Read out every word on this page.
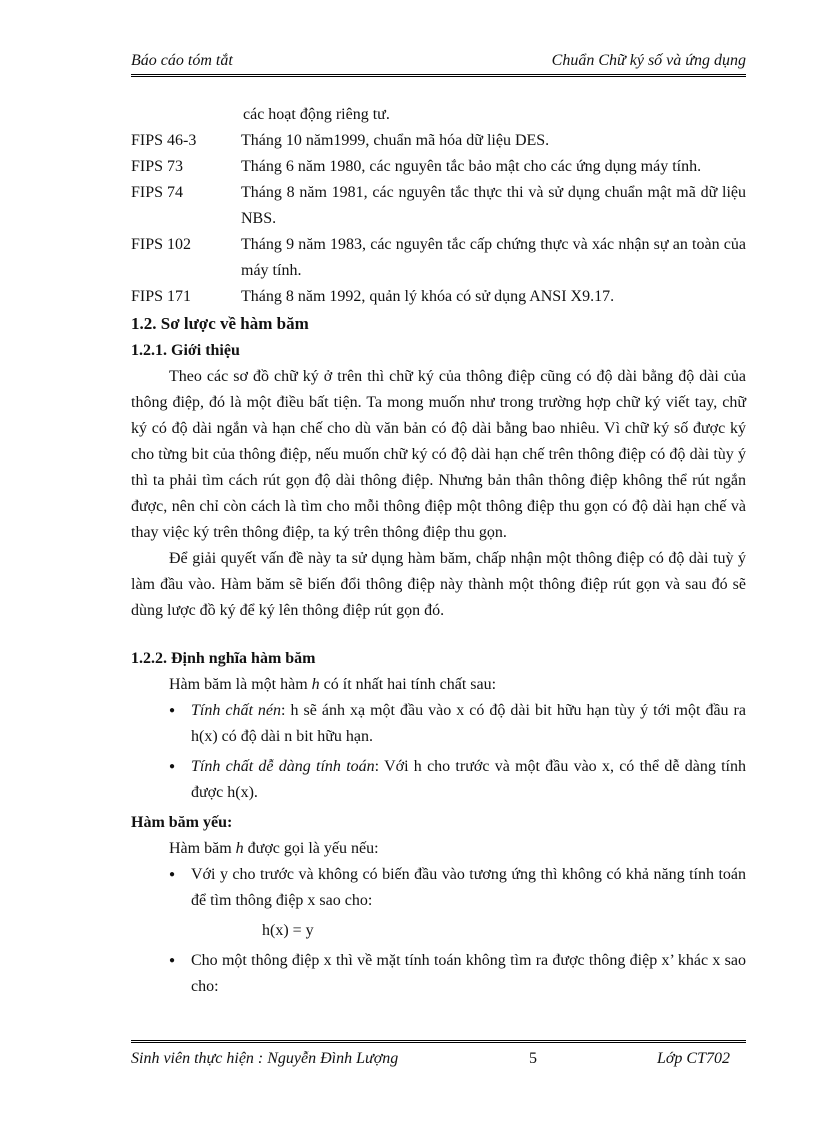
Báo cáo tóm tắt	Chuẩn Chữ ký số và ứng dụng

các hoạt động riêng tư.

FIPS 46-3	Tháng 10 năm1999, chuẩn mã hóa dữ liệu DES.
FIPS 73	Tháng 6 năm 1980, các nguyên tắc bảo mật cho các ứng dụng máy tính.
FIPS 74	Tháng 8 năm 1981, các nguyên tắc thực thi và sử dụng chuẩn mật mã dữ liệu NBS.
FIPS 102	Tháng 9 năm 1983, các nguyên tắc cấp chứng thực và xác nhận sự an toàn của máy tính.
FIPS 171	Tháng 8 năm 1992, quản lý khóa có sử dụng ANSI X9.17.
1.2. Sơ lược về hàm băm
1.2.1. Giới thiệu

Theo các sơ đồ chữ ký ở trên thì chữ ký của thông điệp cũng có độ dài bằng độ dài của thông điệp, đó là một điều bất tiện. Ta mong muốn như trong trường hợp chữ ký viết tay, chữ ký có độ dài ngắn và hạn chế cho dù văn bản có độ dài bằng bao nhiêu. Vì chữ ký số được ký cho từng bit của thông điệp, nếu muốn chữ ký có độ dài hạn chế trên thông điệp có độ dài tùy ý thì ta phải tìm cách rút gọn độ dài thông điệp. Nhưng bản thân thông điệp không thể rút ngắn được, nên chỉ còn cách là tìm cho mỗi thông điệp một thông điệp thu gọn có độ dài hạn chế và thay việc ký trên thông điệp, ta ký trên thông điệp thu gọn.

Để giải quyết vấn đề này ta sử dụng hàm băm, chấp nhận một thông điệp có độ dài tuỳ ý làm đầu vào. Hàm băm sẽ biến đổi thông điệp này thành một thông điệp rút gọn và sau đó sẽ dùng lược đồ ký để ký lên thông điệp rút gọn đó.

1.2.2. Định nghĩa hàm băm

Hàm băm là một hàm h có ít nhất hai tính chất sau:

● Tính chất nén: h sẽ ánh xạ một đầu vào x có độ dài bit hữu hạn tùy ý tới một đầu ra h(x) có độ dài n bit hữu hạn.
● Tính chất dễ dàng tính toán: Với h cho trước và một đầu vào x, có thể dễ dàng tính được h(x).
Hàm băm yếu:

Hàm băm h được gọi là yếu nếu:

● Với y cho trước và không có biến đầu vào tương ứng thì không có khả năng tính toán để tìm thông điệp x sao cho:

h(x) = y

● Cho một thông điệp x thì về mặt tính toán không tìm ra được thông điệp x’ khác x sao cho:
Sinh viên thực hiện : Nguyễn Đình Lượng	5	Lớp CT702
